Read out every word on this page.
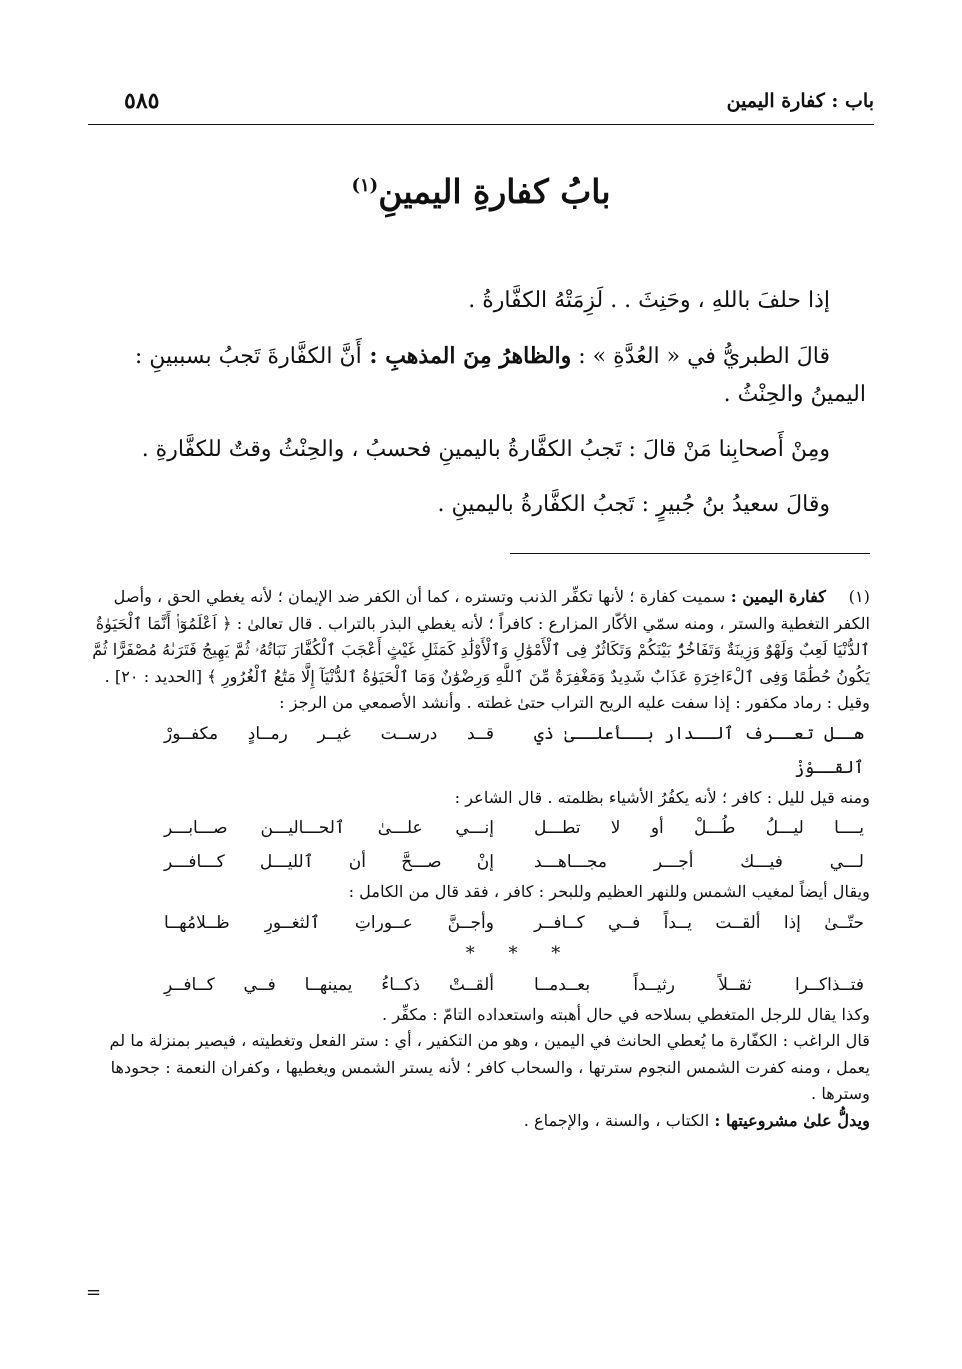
باب : كفارة اليمين
٥٨٥
بابُ كفارةِ اليمينِ$^{(١)}$

إذا حلفَ باللهِ ، وحَنِثَ . . لَزِمَتْهُ الكفَّارةُ .

قالَ الطبريُّ في « العُدَّةِ » : والظاهرُ مِنَ المذهبِ : أَنَّ الكفَّارةَ تَجبُ بسببينِ :

اليمينُ والحِنْثُ .

ومِنْ أَصحابِنا مَنْ قالَ : تَجبُ الكفَّارةُ باليمينِ فحسبُ ، والحِنْثُ وقتٌ للكفَّارةِ .

وقالَ سعيدُ بنُ جُبيرٍ : تَجبُ الكفَّارةُ باليمينِ .

(١)كفارة اليمين : سميت كفارة ؛ لأنها تكفِّر الذنب وتستره ، كما أن الكفر ضد الإيمان ؛ لأنه يغطي الحق ، وأصل الكفر التغطية والستر ، ومنه سمّي الأكّار المزارع : كافراً ؛ لأنه يغطي البذر بالتراب . قال تعالىٰ : ﴿ اَعْلَمُوٓا۟ أَنَّمَا ٱلْحَيَوٰةُ ٱلدُّنْيَا لَعِبٌ وَلَهْوٌ وَزِينَةٌ وَتَفَاخُرٌۢ بَيْنَكُمْ وَتَكَاثُرٌ فِى ٱلْأَمْوَٰلِ وَٱلْأَوْلَٰدِ كَمَثَلِ غَيْثٍ أَعْجَبَ ٱلْكُفَّارَ نَبَاتُهُۥ ثُمَّ يَهِيجُ فَتَرَىٰهُ مُصْفَرًّا ثُمَّ يَكُونُ حُطَٰمًا وَفِى ٱلْءَاخِرَةِ عَذَابٌ شَدِيدٌ وَمَغْفِرَةٌ مِّنَ ٱللَّهِ وَرِضْوَٰنٌ وَمَا ٱلْحَيَوٰةُ ٱلدُّنْيَآ إِلَّا مَتَٰعُ ٱلْغُرُورِ ﴾ [الحديد : ٢٠] . وقيل : رماد مكفور : إذا سفت عليه الريح التراب حتىٰ غطته . وأنشد الأصمعي من الرجز :

هــل تعــرف ٱلــدار بــأعلــىٰ ذي ٱلقــوْزْ
قــد درســت غيــر رمــادٍ مكفــورْ

ومنه قيل لليل : كافر ؛ لأنه يكفُرُ الأشياء بظلمته . قال الشاعر :

يــــا ليـــلُ طُـــلْ أو لا تطـــل
إنـــي علـــىٰ ٱلحـــاليـــن صـــابـــر
لـــي فيـــك أجـــر مجـــاهـــد
إنْ صـــحَّ أن ٱلليـــل كـــافـــر

ويقال أيضاً لمغيب الشمس وللنهر العظيم وللبحر : كافر ، فقد قال من الكامل :

حتّــىٰ إذا ألقــت يــداً فــي كــافــر
وأجــنَّ عــوراتِ ٱلثغــورِ ظــلامُهــا
* * *
فتــذاكــرا ثقــلاً رثيــداً بعــدمــا
ألقــتْ ذكــاءُ يمينهــا فــي كــافــرِ

وكذا يقال للرجل المتغطي بسلاحه في حال أهبته واستعداده التامّ : مكفِّر .

قال الراغب : الكفّارة ما يُعطي الحانث في اليمين ، وهو من التكفير ، أي : ستر الفعل وتغطيته ، فيصير بمنزلة ما لم يعمل ، ومنه كفرت الشمس النجوم سترتها ، والسحاب كافر ؛ لأنه يستر الشمس ويغطيها ، وكفران النعمة : جحودها وسترها .

ويدلُّ علىٰ مشروعيتها : الكتاب ، والسنة ، والإجماع .

=
